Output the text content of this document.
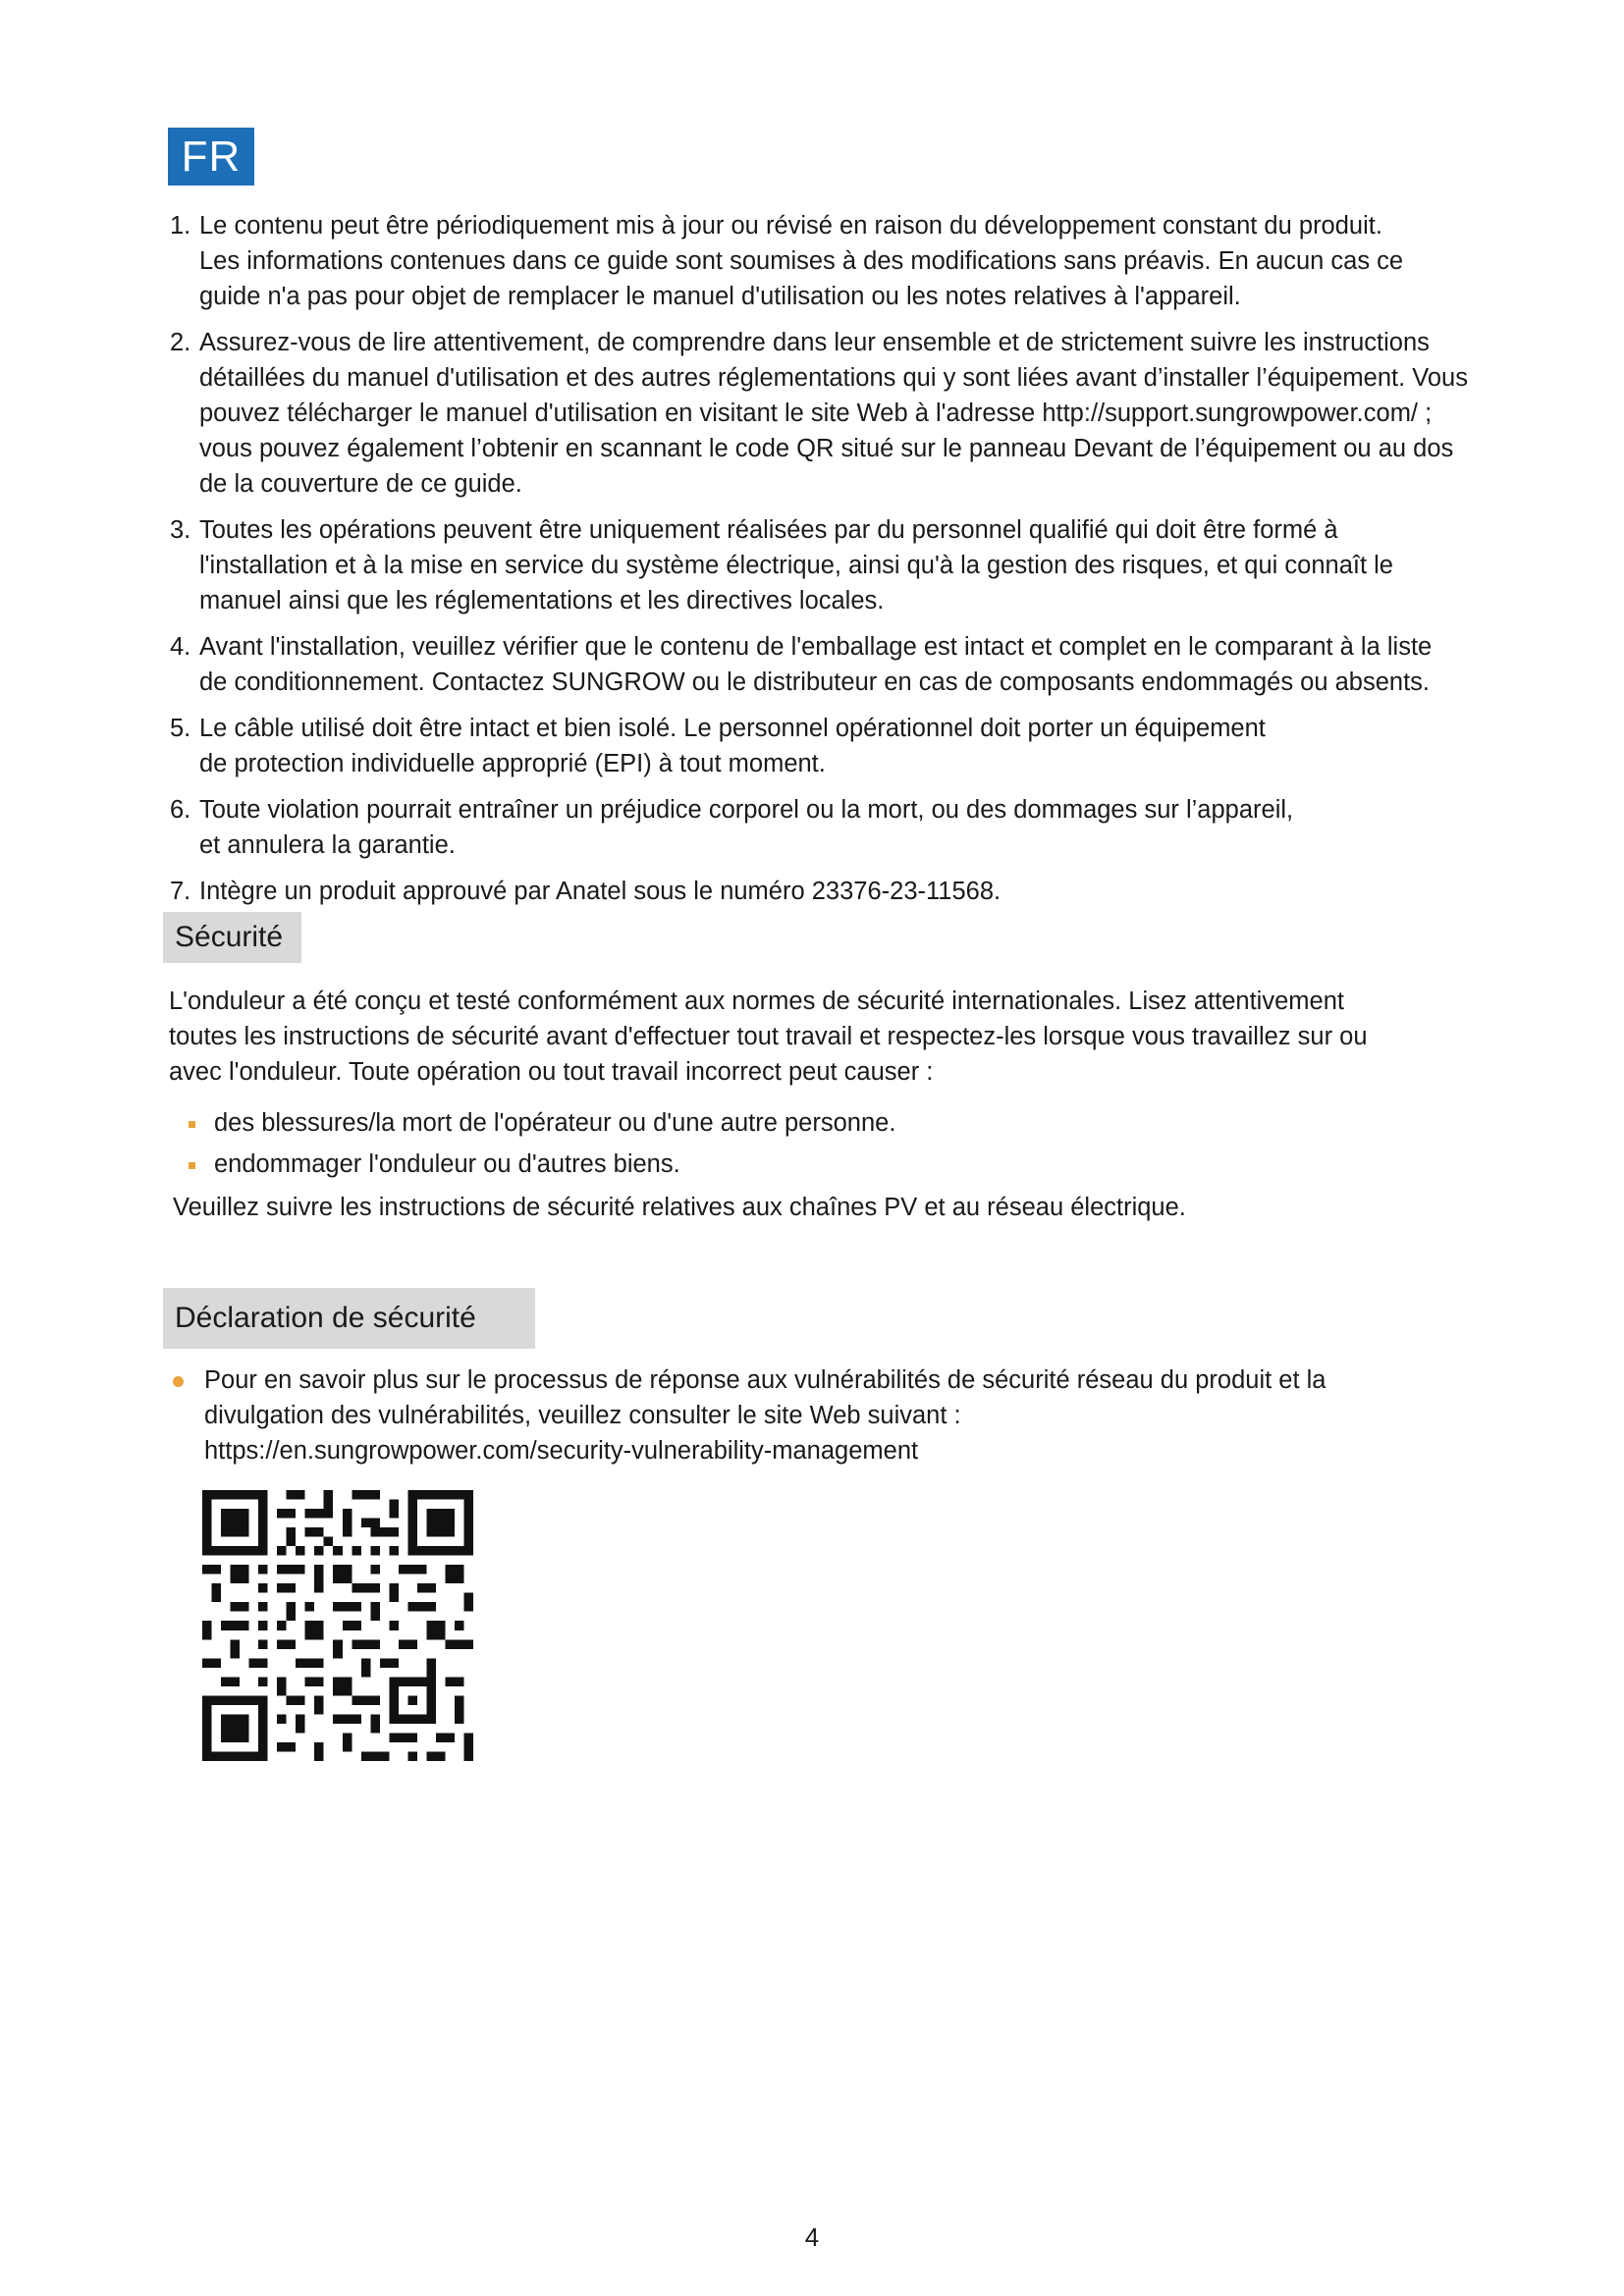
FR
1. Le contenu peut être périodiquement mis à jour ou révisé en raison du développement constant du produit.
Les informations contenues dans ce guide sont soumises à des modifications sans préavis. En aucun cas ce
guide n'a pas pour objet de remplacer le manuel d'utilisation ou les notes relatives à l'appareil.
2. Assurez-vous de lire attentivement, de comprendre dans leur ensemble et de strictement suivre les instructions
détaillées du manuel d'utilisation et des autres réglementations qui y sont liées avant d’installer l’équipement. Vous
pouvez télécharger le manuel d'utilisation en visitant le site Web à l'adresse http://support.sungrowpower.com/ ;
vous pouvez également l’obtenir en scannant le code QR situé sur le panneau Devant de l’équipement ou au dos
de la couverture de ce guide.
3. Toutes les opérations peuvent être uniquement réalisées par du personnel qualifié qui doit être formé à
l'installation et à la mise en service du système électrique, ainsi qu'à la gestion des risques, et qui connaît le
manuel ainsi que les réglementations et les directives locales.
4. Avant l'installation, veuillez vérifier que le contenu de l'emballage est intact et complet en le comparant à la liste
de conditionnement. Contactez SUNGROW ou le distributeur en cas de composants endommagés ou absents.
5. Le câble utilisé doit être intact et bien isolé. Le personnel opérationnel doit porter un équipement
de protection individuelle approprié (EPI) à tout moment.
6. Toute violation pourrait entraîner un préjudice corporel ou la mort, ou des dommages sur l’appareil,
et annulera la garantie.
7. Intègre un produit approuvé par Anatel sous le numéro 23376-23-11568.
Sécurité
L'onduleur a été conçu et testé conformément aux normes de sécurité internationales. Lisez attentivement
toutes les instructions de sécurité avant d'effectuer tout travail et respectez-les lorsque vous travaillez sur ou
avec l'onduleur. Toute opération ou tout travail incorrect peut causer :
des blessures/la mort de l'opérateur ou d'une autre personne.
endommager l'onduleur ou d'autres biens.
Veuillez suivre les instructions de sécurité relatives aux chaînes PV et au réseau électrique.
Déclaration de sécurité
Pour en savoir plus sur le processus de réponse aux vulnérabilités de sécurité réseau du produit et la
divulgation des vulnérabilités, veuillez consulter le site Web suivant :
https://en.sungrowpower.com/security-vulnerability-management
4
